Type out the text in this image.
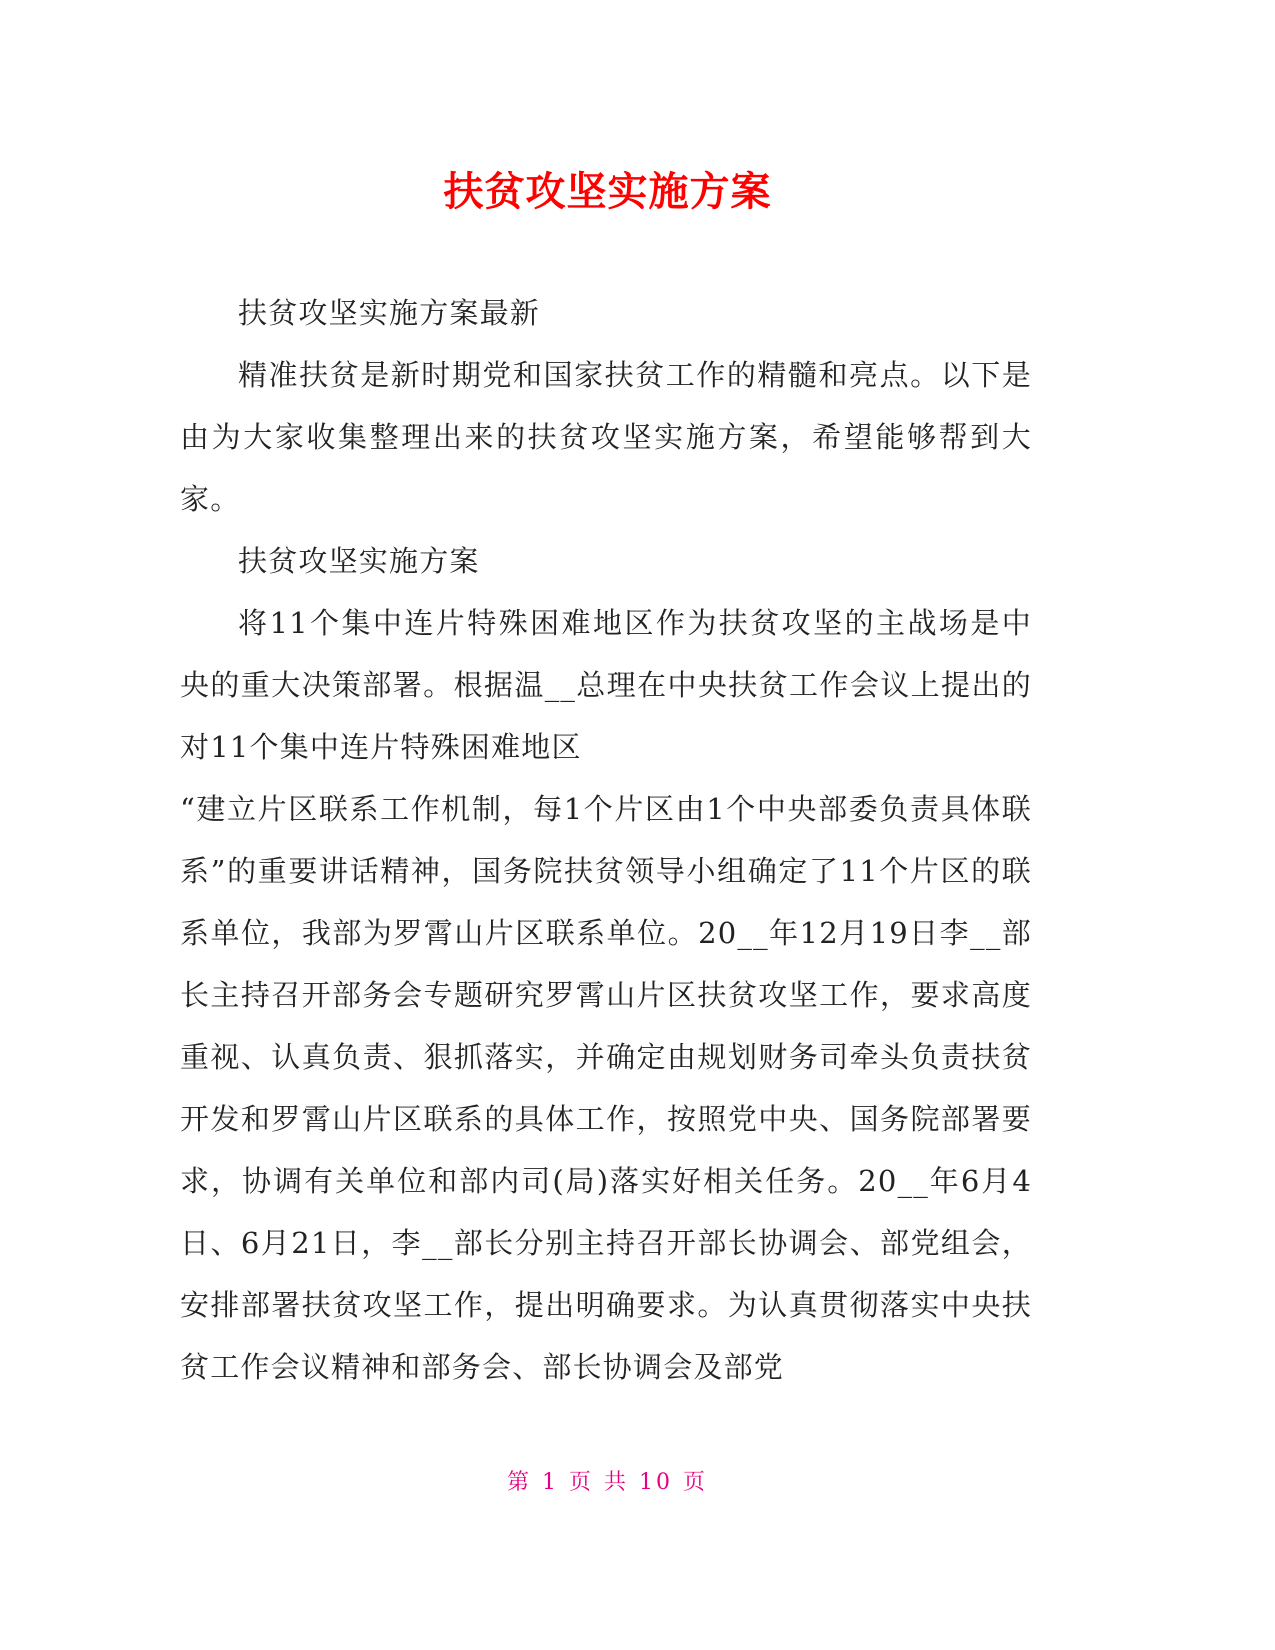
扶贫攻坚实施方案

扶贫攻坚实施方案最新

精准扶贫是新时期党和国家扶贫工作的精髓和亮点。以下是由为大家收集整理出来的扶贫攻坚实施方案，希望能够帮到大家。

扶贫攻坚实施方案

将11个集中连片特殊困难地区作为扶贫攻坚的主战场是中央的重大决策部署。根据温__总理在中央扶贫工作会议上提出的对11个集中连片特殊困难地区

“建立片区联系工作机制，每1个片区由1个中央部委负责具体联系”的重要讲话精神，国务院扶贫领导小组确定了11个片区的联系单位，我部为罗霄山片区联系单位。20__年12月19日李__部长主持召开部务会专题研究罗霄山片区扶贫攻坚工作，要求高度重视、认真负责、狠抓落实，并确定由规划财务司牵头负责扶贫开发和罗霄山片区联系的具体工作，按照党中央、国务院部署要求，协调有关单位和部内司(局)落实好相关任务。20__年6月4日、6月21日，李__部长分别主持召开部长协调会、部党组会，安排部署扶贫攻坚工作，提出明确要求。为认真贯彻落实中央扶贫工作会议精神和部务会、部长协调会及部党

第 1 页 共 10 页
